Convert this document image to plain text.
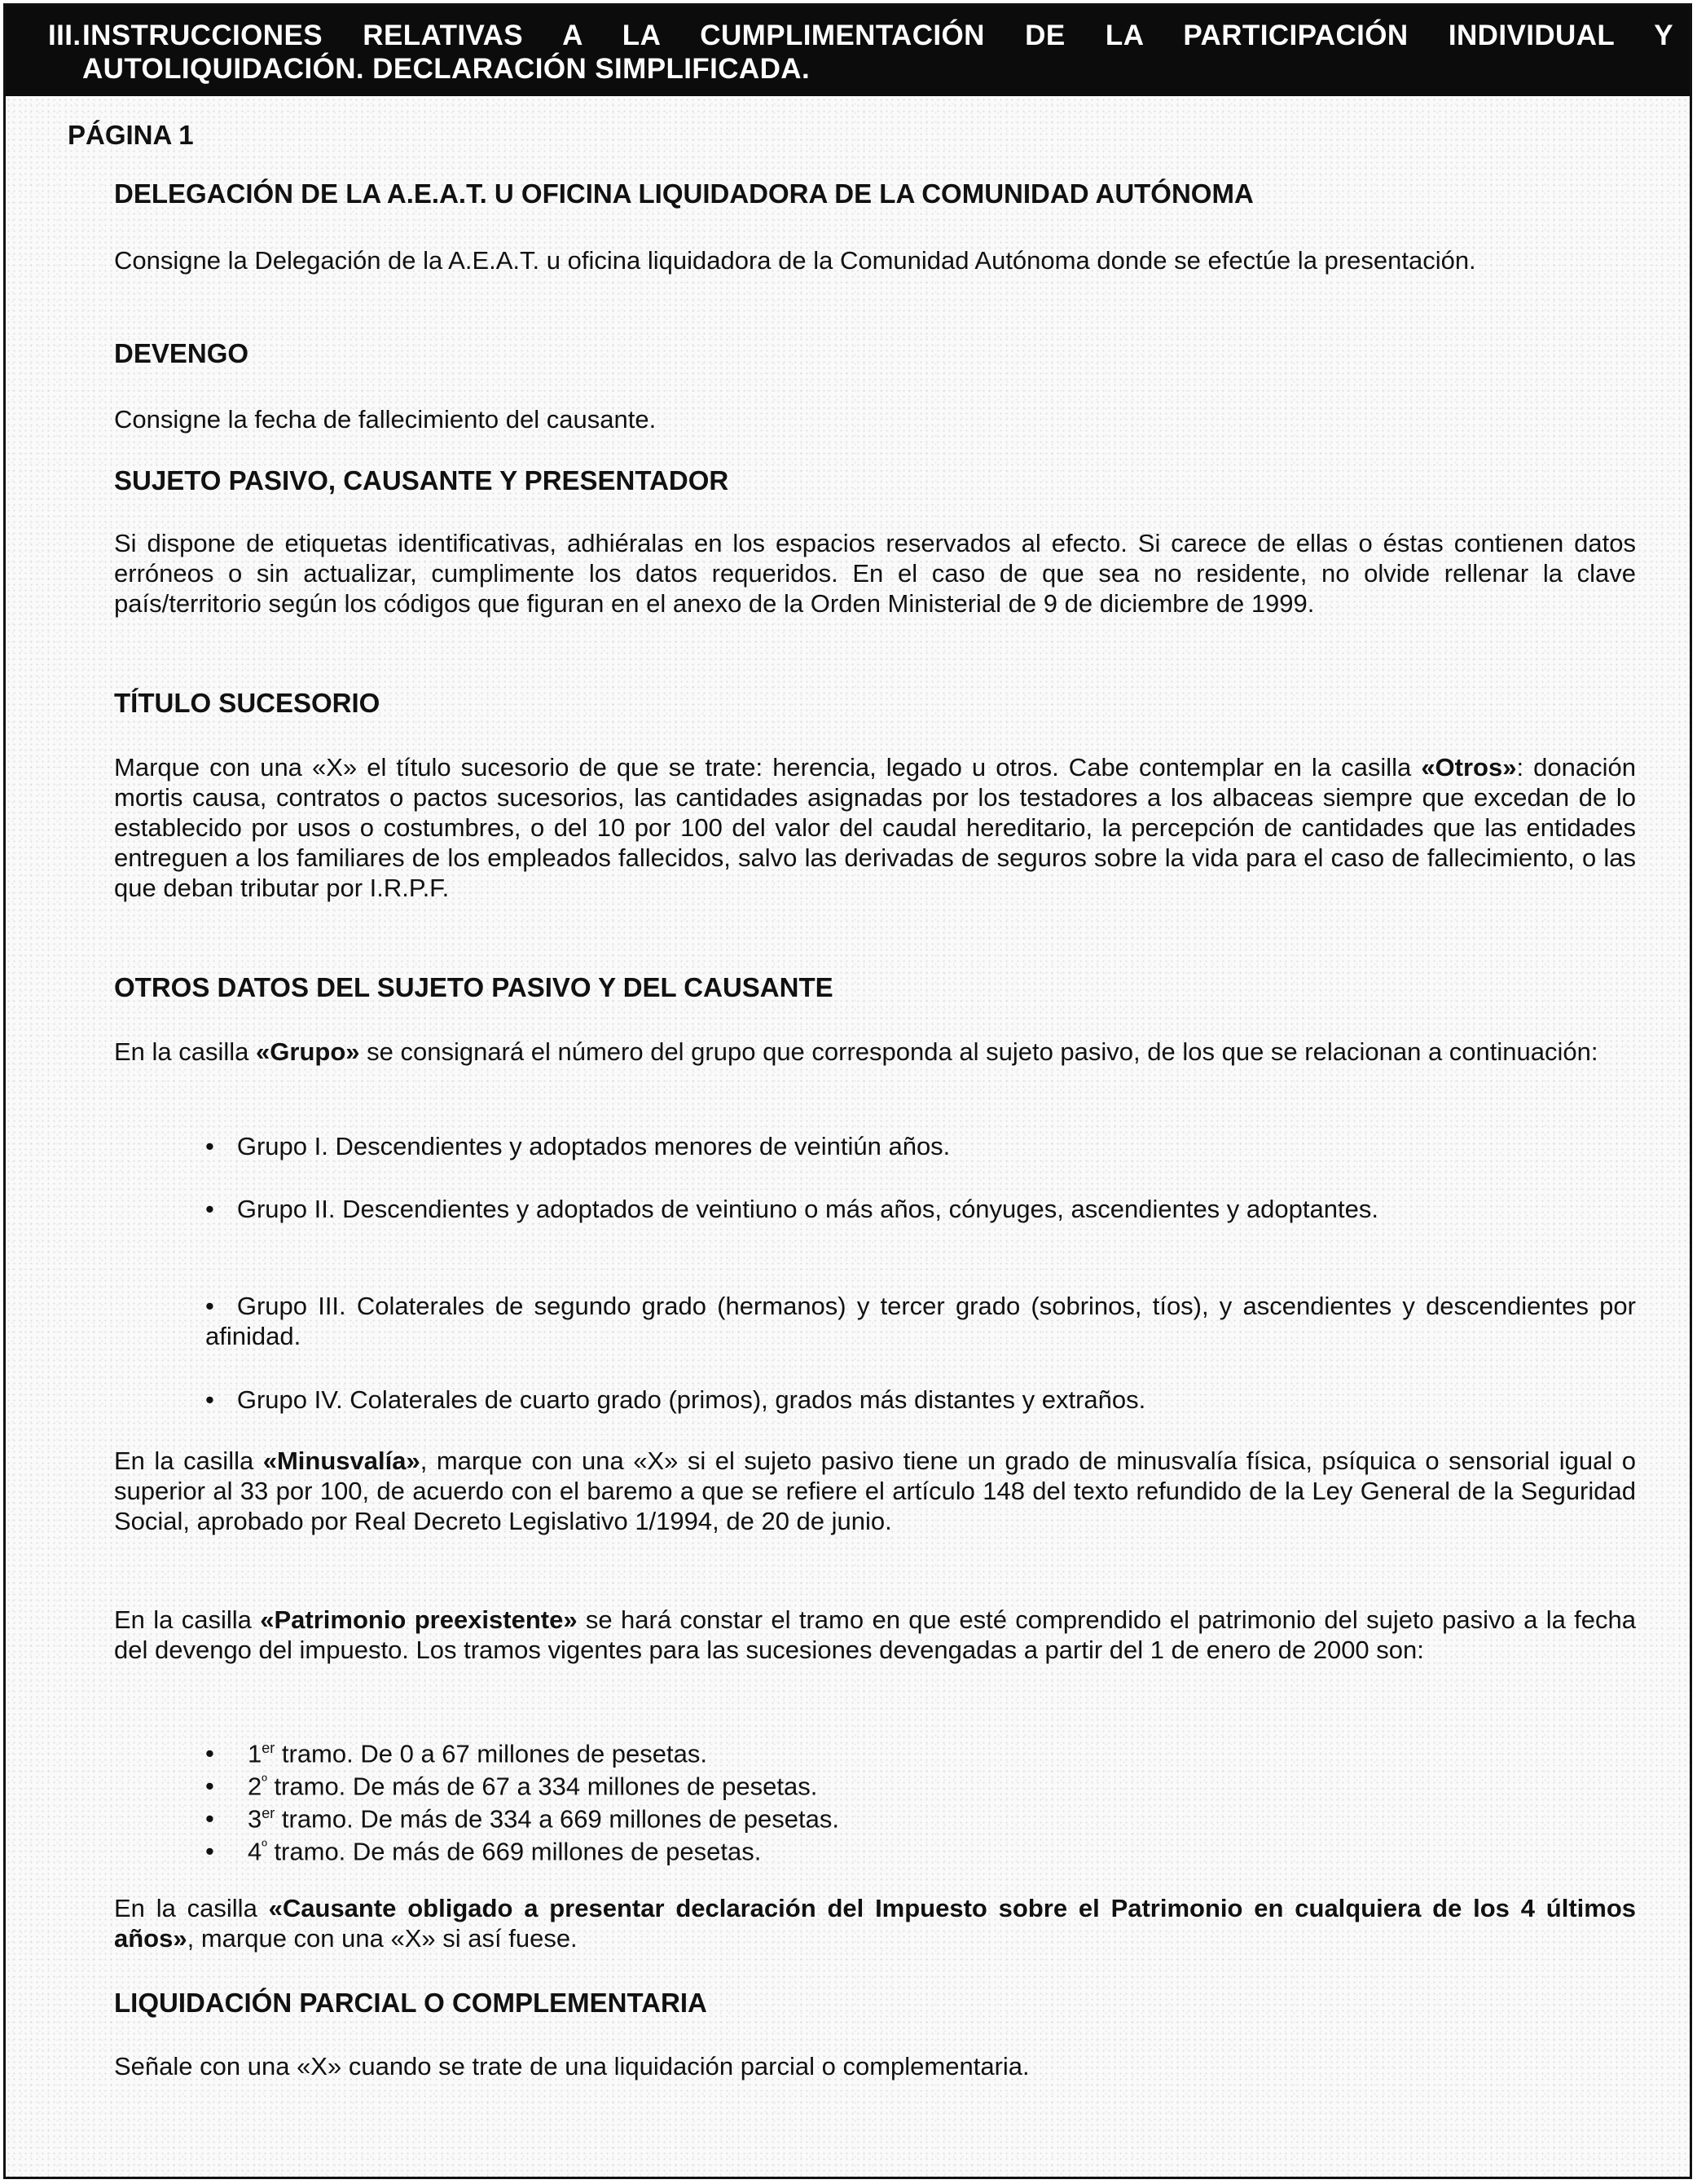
III. INSTRUCCIONES RELATIVAS A LA CUMPLIMENTACIÓN DE LA PARTICIPACIÓN INDIVIDUAL Y
AUTOLIQUIDACIÓN. DECLARACIÓN SIMPLIFICADA.
PÁGINA 1
DELEGACIÓN DE LA A.E.A.T. U OFICINA LIQUIDADORA DE LA COMUNIDAD AUTÓNOMA
Consigne la Delegación de la A.E.A.T. u oficina liquidadora de la Comunidad Autónoma donde se efectúe la presentación.
DEVENGO
Consigne la fecha de fallecimiento del causante.
SUJETO PASIVO, CAUSANTE Y PRESENTADOR
Si dispone de etiquetas identificativas, adhiéralas en los espacios reservados al efecto. Si carece de ellas o éstas contienen datos erróneos o sin actualizar, cumplimente los datos requeridos. En el caso de que sea no residente, no olvide rellenar la clave país/territorio según los códigos que figuran en el anexo de la Orden Ministerial de 9 de diciembre de 1999.
TÍTULO SUCESORIO
Marque con una «X» el título sucesorio de que se trate: herencia, legado u otros. Cabe contemplar en la casilla «Otros»: donación mortis causa, contratos o pactos sucesorios, las cantidades asignadas por los testadores a los albaceas siempre que excedan de lo establecido por usos o costumbres, o del 10 por 100 del valor del caudal hereditario, la percepción de cantidades que las entidades entreguen a los familiares de los empleados fallecidos, salvo las derivadas de seguros sobre la vida para el caso de fallecimiento, o las que deban tributar por I.R.P.F.
OTROS DATOS DEL SUJETO PASIVO Y DEL CAUSANTE
En la casilla «Grupo» se consignará el número del grupo que corresponda al sujeto pasivo, de los que se relacionan a continuación:
• Grupo I. Descendientes y adoptados menores de veintiún años.
• Grupo II. Descendientes y adoptados de veintiuno o más años, cónyuges, ascendientes y adoptantes.
• Grupo III. Colaterales de segundo grado (hermanos) y tercer grado (sobrinos, tíos), y ascendientes y descendientes por afinidad.
• Grupo IV. Colaterales de cuarto grado (primos), grados más distantes y extraños.
En la casilla «Minusvalía», marque con una «X» si el sujeto pasivo tiene un grado de minusvalía física, psíquica o sensorial igual o superior al 33 por 100, de acuerdo con el baremo a que se refiere el artículo 148 del texto refundido de la Ley General de la Seguridad Social, aprobado por Real Decreto Legislativo 1/1994, de 20 de junio.
En la casilla «Patrimonio preexistente» se hará constar el tramo en que esté comprendido el patrimonio del sujeto pasivo a la fecha del devengo del impuesto. Los tramos vigentes para las sucesiones devengadas a partir del 1 de enero de 2000 son:
• 1er tramo. De 0 a 67 millones de pesetas.
• $2^º$ tramo. De más de 67 a 334 millones de pesetas.
• 3er tramo. De más de 334 a 669 millones de pesetas.
• $4^º$ tramo. De más de 669 millones de pesetas.
En la casilla «Causante obligado a presentar declaración del Impuesto sobre el Patrimonio en cualquiera de los 4 últimos años», marque con una «X» si así fuese.
LIQUIDACIÓN PARCIAL O COMPLEMENTARIA
Señale con una «X» cuando se trate de una liquidación parcial o complementaria.
